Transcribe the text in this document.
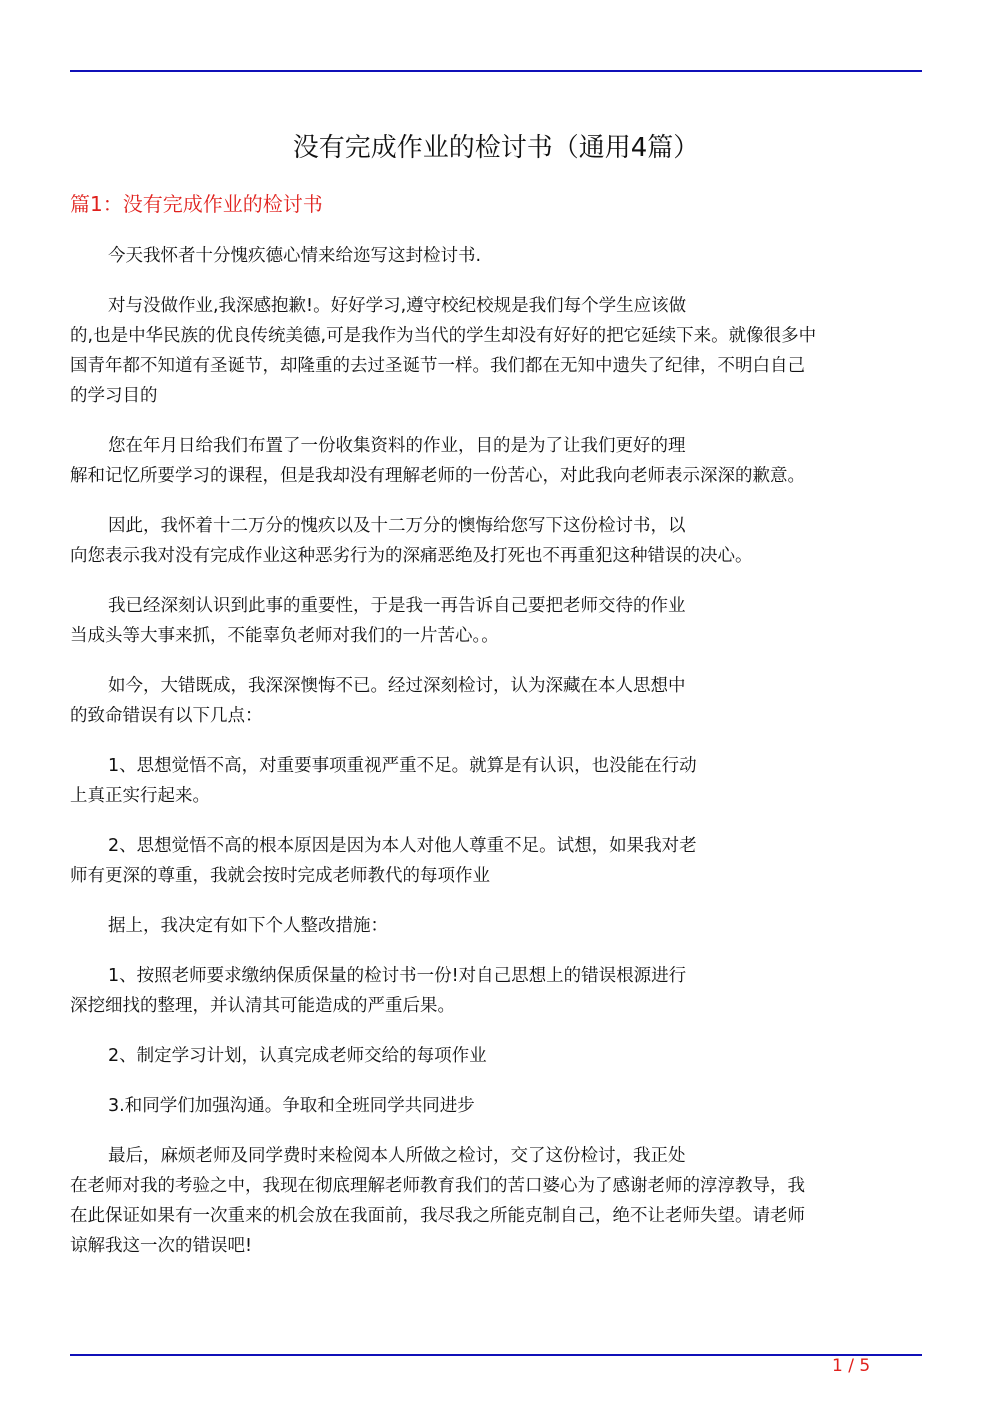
没有完成作业的检讨书（通用4篇）
篇1：没有完成作业的检讨书
今天我怀者十分愧疚德心情来给迩写这封检讨书.
对与没做作业,我深感抱歉!。好好学习,遵守校纪校规是我们每个学生应该做
的,也是中华民族的优良传统美德,可是我作为当代的学生却没有好好的把它延续下来。就像很多中
国青年都不知道有圣诞节，却隆重的去过圣诞节一样。我们都在无知中遗失了纪律，不明白自己
的学习目的
您在年月日给我们布置了一份收集资料的作业，目的是为了让我们更好的理
解和记忆所要学习的课程，但是我却没有理解老师的一份苦心，对此我向老师表示深深的歉意。
因此，我怀着十二万分的愧疚以及十二万分的懊悔给您写下这份检讨书，以
向您表示我对没有完成作业这种恶劣行为的深痛恶绝及打死也不再重犯这种错误的决心。
我已经深刻认识到此事的重要性，于是我一再告诉自己要把老师交待的作业
当成头等大事来抓，不能辜负老师对我们的一片苦心。。
如今，大错既成，我深深懊悔不已。经过深刻检讨，认为深藏在本人思想中
的致命错误有以下几点：
1、思想觉悟不高，对重要事项重视严重不足。就算是有认识，也没能在行动
上真正实行起来。
2、思想觉悟不高的根本原因是因为本人对他人尊重不足。试想，如果我对老
师有更深的尊重，我就会按时完成老师教代的每项作业
据上，我决定有如下个人整改措施：
1、按照老师要求缴纳保质保量的检讨书一份!对自己思想上的错误根源进行
深挖细找的整理，并认清其可能造成的严重后果。
2、制定学习计划，认真完成老师交给的每项作业
3.和同学们加强沟通。争取和全班同学共同进步
最后，麻烦老师及同学费时来检阅本人所做之检讨，交了这份检讨，我正处
在老师对我的考验之中，我现在彻底理解老师教育我们的苦口婆心为了感谢老师的淳淳教导，我
在此保证如果有一次重来的机会放在我面前，我尽我之所能克制自己，绝不让老师失望。请老师
谅解我这一次的错误吧!
1 / 5
